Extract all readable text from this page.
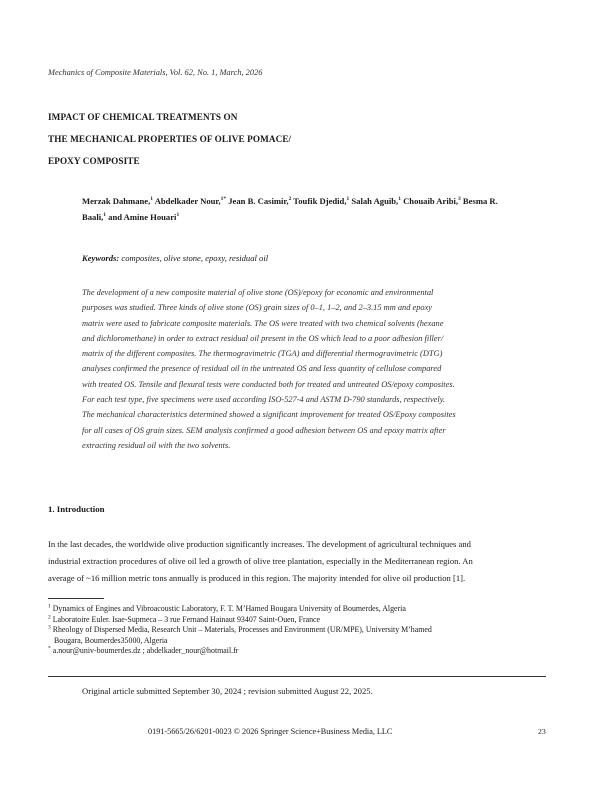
Mechanics of Composite Materials, Vol. 62, No. 1, March, 2026
IMPACT OF CHEMICAL TREATMENTS ON
THE MECHANICAL PROPERTIES OF OLIVE POMACE/
EPOXY COMPOSITE
Merzak Dahmane,$^1$ Abdelkader Nour,$^{1*}$ Jean B. Casimir,$^2$ Toufik Djedid,$^1$ Salah Aguib,$^1$ Chouaib Aribi,$^3$ Besma R. Baali,$^1$ and Amine Houari$^1$
Keywords: composites, olive stone, epoxy, residual oil
The development of a new composite material of olive stone (OS)/epoxy for economic and environmental
purposes was studied. Three kinds of olive stone (OS) grain sizes of 0–1, 1–2, and 2–3.15 mm and epoxy
matrix were used to fabricate composite materials. The OS were treated with two chemical solvents (hexane
and dichloromethane) in order to extract residual oil present in the OS which lead to a poor adhesion filler/
matrix of the different composites. The thermogravimetric (TGA) and differential thermogravimetric (DTG)
analyses confirmed the presence of residual oil in the untreated OS and less quantity of cellulose compared
with treated OS. Tensile and flexural tests were conducted both for treated and untreated OS/epoxy composites.
For each test type, five specimens were used according ISO-527-4 and ASTM D-790 standards, respectively.
The mechanical characteristics determined showed a significant improvement for treated OS/Epoxy composites
for all cases of OS grain sizes. SEM analysis confirmed a good adhesion between OS and epoxy matrix after
extracting residual oil with the two solvents.
1. Introduction
In the last decades, the worldwide olive production significantly increases. The development of agricultural techniques and
industrial extraction procedures of olive oil led a growth of olive tree plantation, especially in the Mediterranean region. An
average of ~16 million metric tons annually is produced in this region. The majority intended for olive oil production [1].
$^1$ Dynamics of Engines and Vibroacoustic Laboratory, F. T. M’Hamed Bougara University of Boumerdes, Algeria
$^2$ Laboratoire Euler. Isae-Supmeca – 3 rue Fernand Hainaut 93407 Saint-Ouen, France
$^3$ Rheology of Dispersed Media, Research Unit – Materials, Processes and Environment (UR/MPE), University M’hamed
Bougara, Boumerdes35000, Algeria
* a.nour@univ-boumerdes.dz ; abdelkader_nour@hotmail.fr
Original article submitted September 30, 2024 ; revision submitted August 22, 2025.
0191-5665/26/6201-0023 © 2026 Springer Science+Business Media, LLC	23
